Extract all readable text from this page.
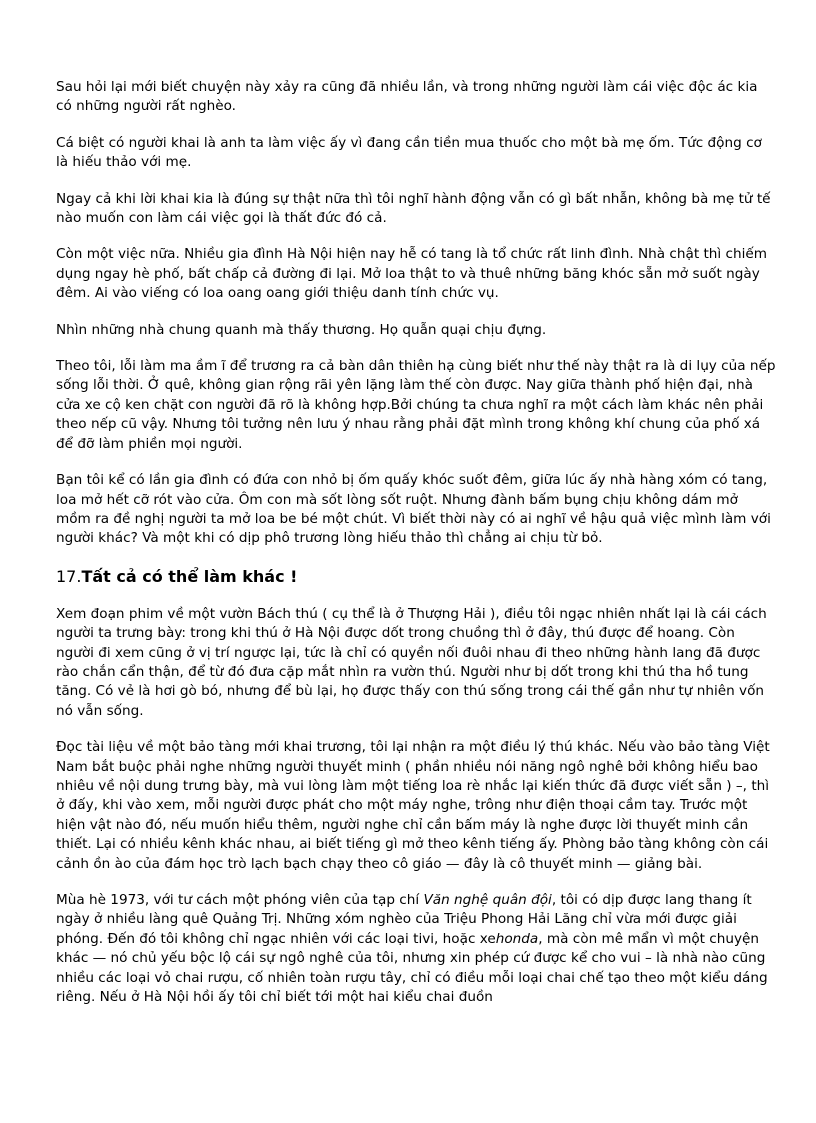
Sau hỏi lại mới biết chuyện này xảy ra cũng đã nhiều lần, và trong những người làm cái việc độc ác kia có những người rất nghèo.

Cá biệt có người khai là anh ta làm việc ấy vì đang cần tiền mua thuốc cho một bà mẹ ốm. Tức động cơ là hiếu thảo với mẹ.

Ngay cả khi lời khai kia là đúng sự thật nữa thì tôi nghĩ hành động vẫn có gì bất nhẫn, không bà mẹ tử tế nào muốn con làm cái việc gọi là thất đức đó cả.

Còn một việc nữa. Nhiều gia đình Hà Nội hiện nay hễ có tang là tổ chức rất linh đình. Nhà chật thì chiếm dụng ngay hè phố, bất chấp cả đường đi lại. Mở loa thật to và thuê những băng khóc sẵn mở suốt ngày đêm. Ai vào viếng có loa oang oang giới thiệu danh tính chức vụ.

Nhìn những nhà chung quanh mà thấy thương. Họ quẫn quại chịu đựng.

Theo tôi, lỗi làm ma ầm ĩ để trương ra cả bàn dân thiên hạ cùng biết như thế này thật ra là di lụy của nếp sống lỗi thời. Ở quê, không gian rộng rãi yên lặng làm thế còn được. Nay giữa thành phố hiện đại, nhà cửa xe cộ ken chặt con người đã rõ là không hợp.Bởi chúng ta chưa nghĩ ra một cách làm khác nên phải theo nếp cũ vậy. Nhưng tôi tưởng nên lưu ý nhau rằng phải đặt mình trong không khí chung của phố xá để đỡ làm phiền mọi người.

Bạn tôi kể có lần gia đình có đứa con nhỏ bị ốm quấy khóc suốt đêm, giữa lúc ấy nhà hàng xóm có tang, loa mở hết cỡ rót vào cửa. Ôm con mà sốt lòng sốt ruột. Nhưng đành bấm bụng chịu không dám mở mồm ra đề nghị người ta mở loa be bé một chút. Vì biết thời này có ai nghĩ về hậu quả việc mình làm với người khác? Và một khi có dịp phô trương lòng hiếu thảo thì chẳng ai chịu từ bỏ.

17.Tất cả có thể làm khác !

Xem đoạn phim về một vườn Bách thú ( cụ thể là ở Thượng Hải ), điều tôi ngạc nhiên nhất lại là cái cách người ta trưng bày: trong khi thú ở Hà Nội được dốt trong chuồng thì ở đây, thú được để hoang. Còn người đi xem cũng ở vị trí ngược lại, tức là chỉ có quyền nối đuôi nhau đi theo những hành lang đã được rào chắn cẩn thận, để từ đó đưa cặp mắt nhìn ra vườn thú. Người như bị dốt trong khi thú tha hồ tung tăng. Có vẻ là hơi gò bó, nhưng để bù lại, họ được thấy con thú sống trong cái thế gần như tự nhiên vốn nó vẫn sống.

Đọc tài liệu về một bảo tàng mới khai trương, tôi lại nhận ra một điều lý thú khác. Nếu vào bảo tàng Việt Nam bắt buộc phải nghe những người thuyết minh ( phần nhiều nói năng ngô nghê bởi không hiểu bao nhiêu về nội dung trưng bày, mà vui lòng làm một tiếng loa rè nhắc lại kiến thức đã được viết sẵn ) –, thì ở đấy, khi vào xem, mỗi người được phát cho một máy nghe, trông như điện thoại cầm tay. Trước một hiện vật nào đó, nếu muốn hiểu thêm, người nghe chỉ cần bấm máy là nghe được lời thuyết minh cần thiết. Lại có nhiều kênh khác nhau, ai biết tiếng gì mở theo kênh tiếng ấy. Phòng bảo tàng không còn cái cảnh ồn ào của đám học trò lạch bạch chạy theo cô giáo — đây là cô thuyết minh — giảng bài.

Mùa hè 1973, với tư cách một phóng viên của tạp chí Văn nghệ quân đội, tôi có dịp được lang thang ít ngày ở nhiều làng quê Quảng Trị. Những xóm nghèo của Triệu Phong Hải Lăng chỉ vừa mới được giải phóng. Đến đó tôi không chỉ ngạc nhiên với các loại tivi, hoặc xehonda, mà còn mê mẩn vì một chuyện khác — nó chủ yếu bộc lộ cái sự ngô nghê của tôi, nhưng xin phép cứ được kể cho vui – là nhà nào cũng nhiều các loại vỏ chai rượu, cố nhiên toàn rượu tây, chỉ có điều mỗi loại chai chế tạo theo một kiểu dáng riêng. Nếu ở Hà Nội hồi ấy tôi chỉ biết tới một hai kiểu chai đuồn
